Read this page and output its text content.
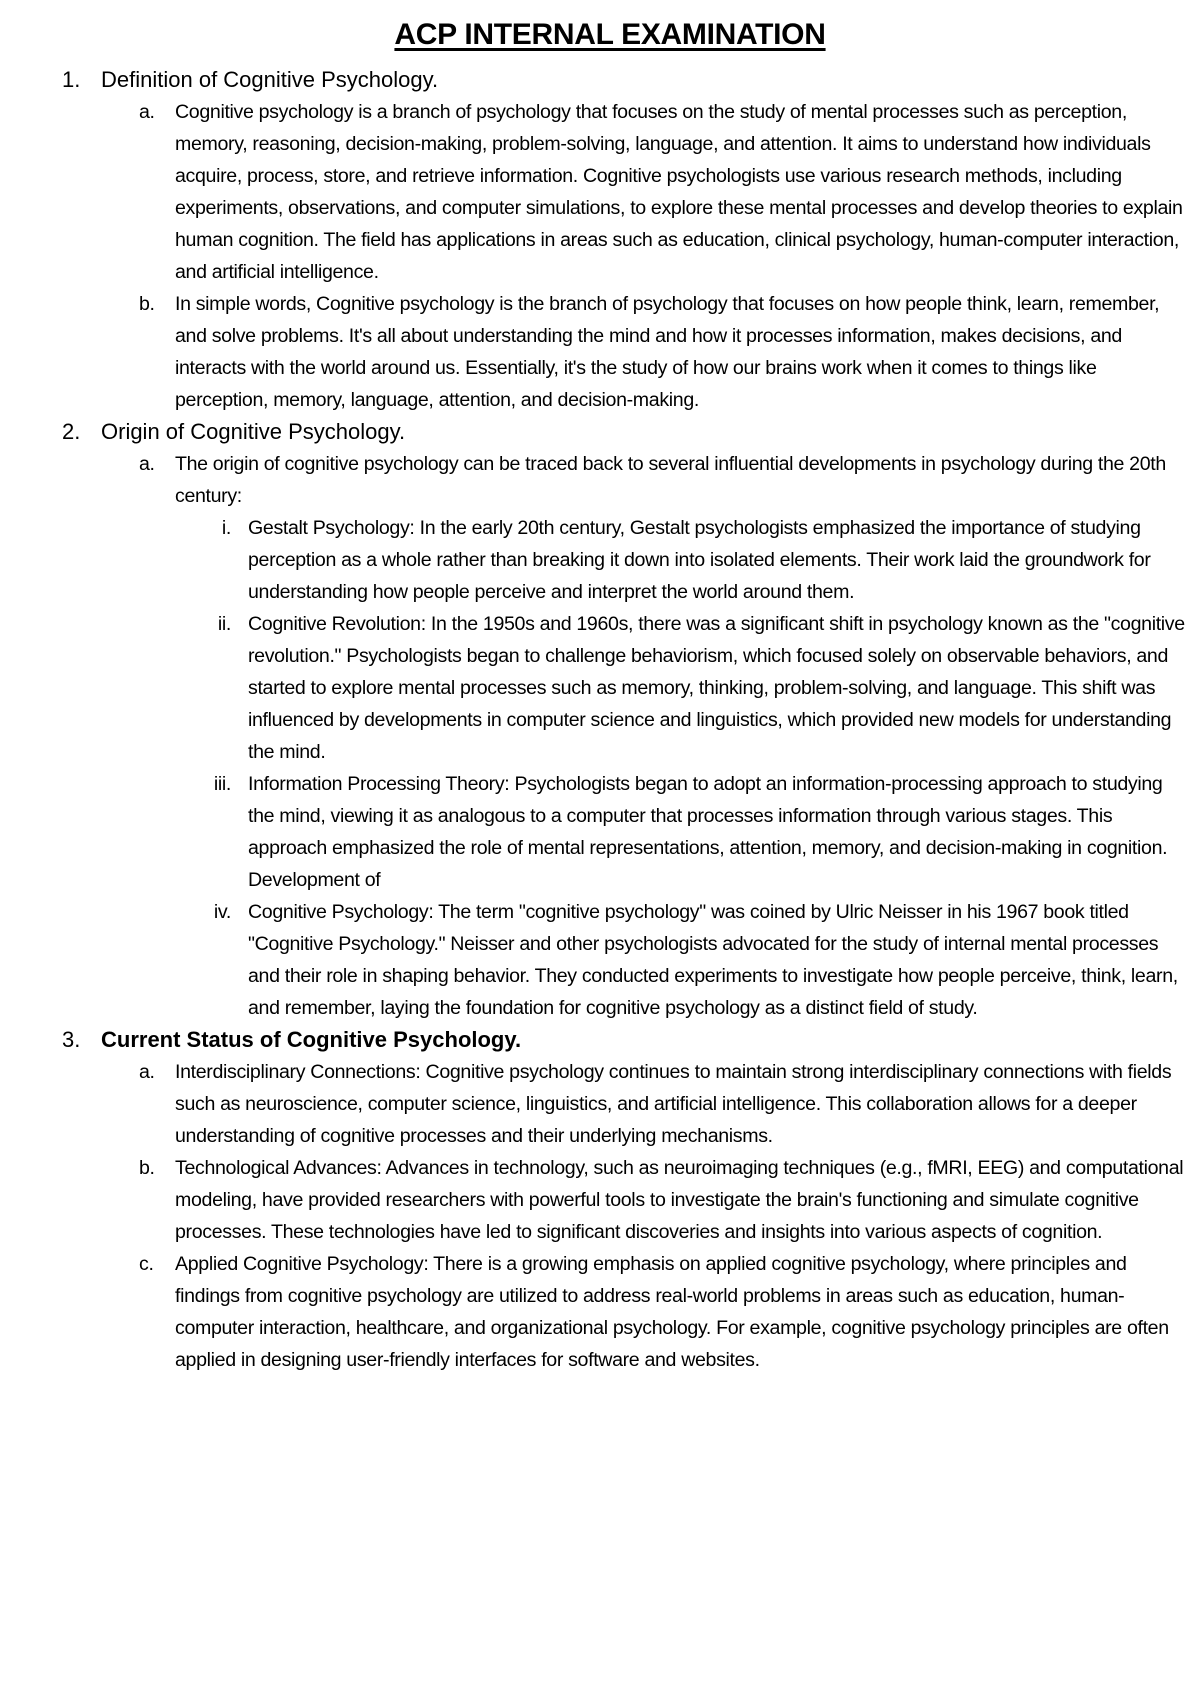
ACP INTERNAL EXAMINATION
1. Definition of Cognitive Psychology.
a. Cognitive psychology is a branch of psychology that focuses on the study of mental processes such as perception, memory, reasoning, decision-making, problem-solving, language, and attention. It aims to understand how individuals acquire, process, store, and retrieve information. Cognitive psychologists use various research methods, including experiments, observations, and computer simulations, to explore these mental processes and develop theories to explain human cognition. The field has applications in areas such as education, clinical psychology, human-computer interaction, and artificial intelligence.
b. In simple words, Cognitive psychology is the branch of psychology that focuses on how people think, learn, remember, and solve problems. It's all about understanding the mind and how it processes information, makes decisions, and interacts with the world around us. Essentially, it's the study of how our brains work when it comes to things like perception, memory, language, attention, and decision-making.
2. Origin of Cognitive Psychology.
a. The origin of cognitive psychology can be traced back to several influential developments in psychology during the 20th century:
i. Gestalt Psychology: In the early 20th century, Gestalt psychologists emphasized the importance of studying perception as a whole rather than breaking it down into isolated elements. Their work laid the groundwork for understanding how people perceive and interpret the world around them.
ii. Cognitive Revolution: In the 1950s and 1960s, there was a significant shift in psychology known as the "cognitive revolution." Psychologists began to challenge behaviorism, which focused solely on observable behaviors, and started to explore mental processes such as memory, thinking, problem-solving, and language. This shift was influenced by developments in computer science and linguistics, which provided new models for understanding the mind.
iii. Information Processing Theory: Psychologists began to adopt an information-processing approach to studying the mind, viewing it as analogous to a computer that processes information through various stages. This approach emphasized the role of mental representations, attention, memory, and decision-making in cognition. Development of
iv. Cognitive Psychology: The term "cognitive psychology" was coined by Ulric Neisser in his 1967 book titled "Cognitive Psychology." Neisser and other psychologists advocated for the study of internal mental processes and their role in shaping behavior. They conducted experiments to investigate how people perceive, think, learn, and remember, laying the foundation for cognitive psychology as a distinct field of study.
3. Current Status of Cognitive Psychology.
a. Interdisciplinary Connections: Cognitive psychology continues to maintain strong interdisciplinary connections with fields such as neuroscience, computer science, linguistics, and artificial intelligence. This collaboration allows for a deeper understanding of cognitive processes and their underlying mechanisms.
b. Technological Advances: Advances in technology, such as neuroimaging techniques (e.g., fMRI, EEG) and computational modeling, have provided researchers with powerful tools to investigate the brain's functioning and simulate cognitive processes. These technologies have led to significant discoveries and insights into various aspects of cognition.
c. Applied Cognitive Psychology: There is a growing emphasis on applied cognitive psychology, where principles and findings from cognitive psychology are utilized to address real-world problems in areas such as education, human-computer interaction, healthcare, and organizational psychology. For example, cognitive psychology principles are often applied in designing user-friendly interfaces for software and websites.
